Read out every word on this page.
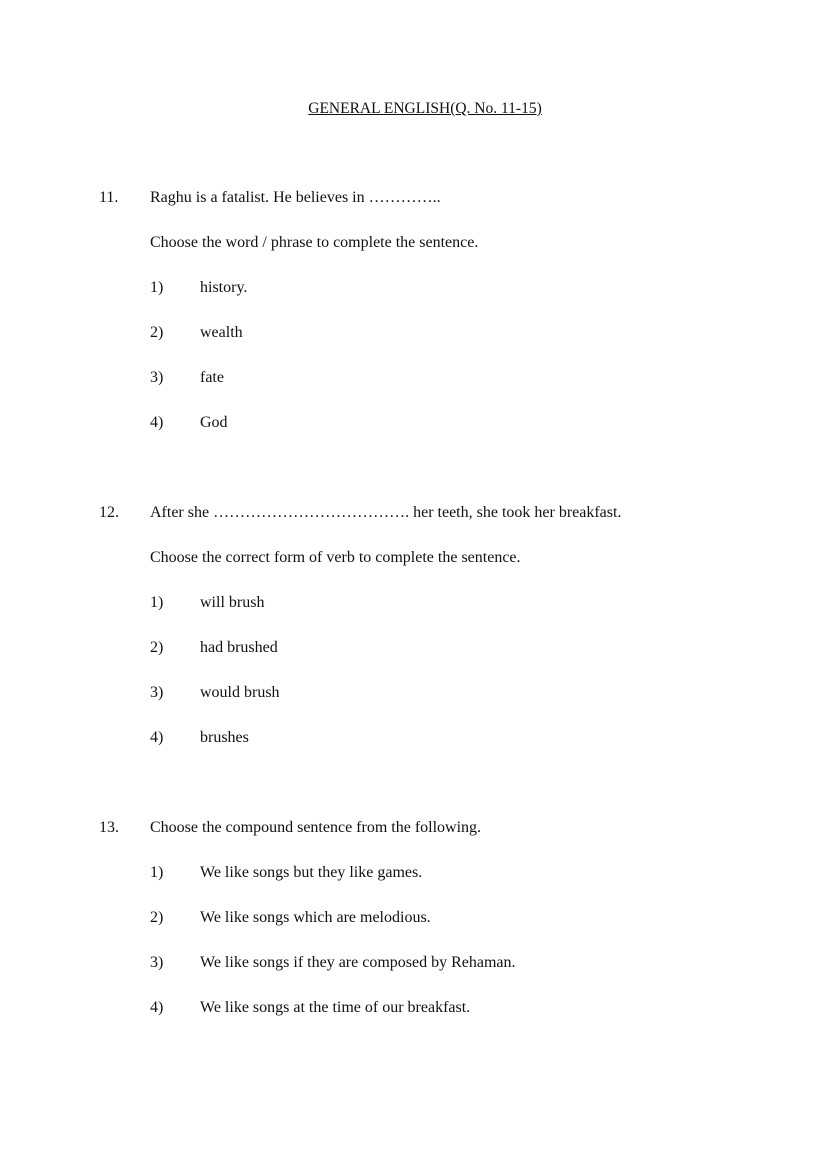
GENERAL ENGLISH(Q. No. 11-15)
11. Raghu is a fatalist. He believes in …………..
Choose the word / phrase to complete the sentence.
1) history.
2) wealth
3) fate
4) God
12. After she ………………………………. her teeth, she took her breakfast.
Choose the correct form of verb to complete the sentence.
1) will brush
2) had brushed
3) would brush
4) brushes
13. Choose the compound sentence from the following.
1) We like songs but they like games.
2) We like songs which are melodious.
3) We like songs if they are composed by Rehaman.
4) We like songs at the time of our breakfast.
